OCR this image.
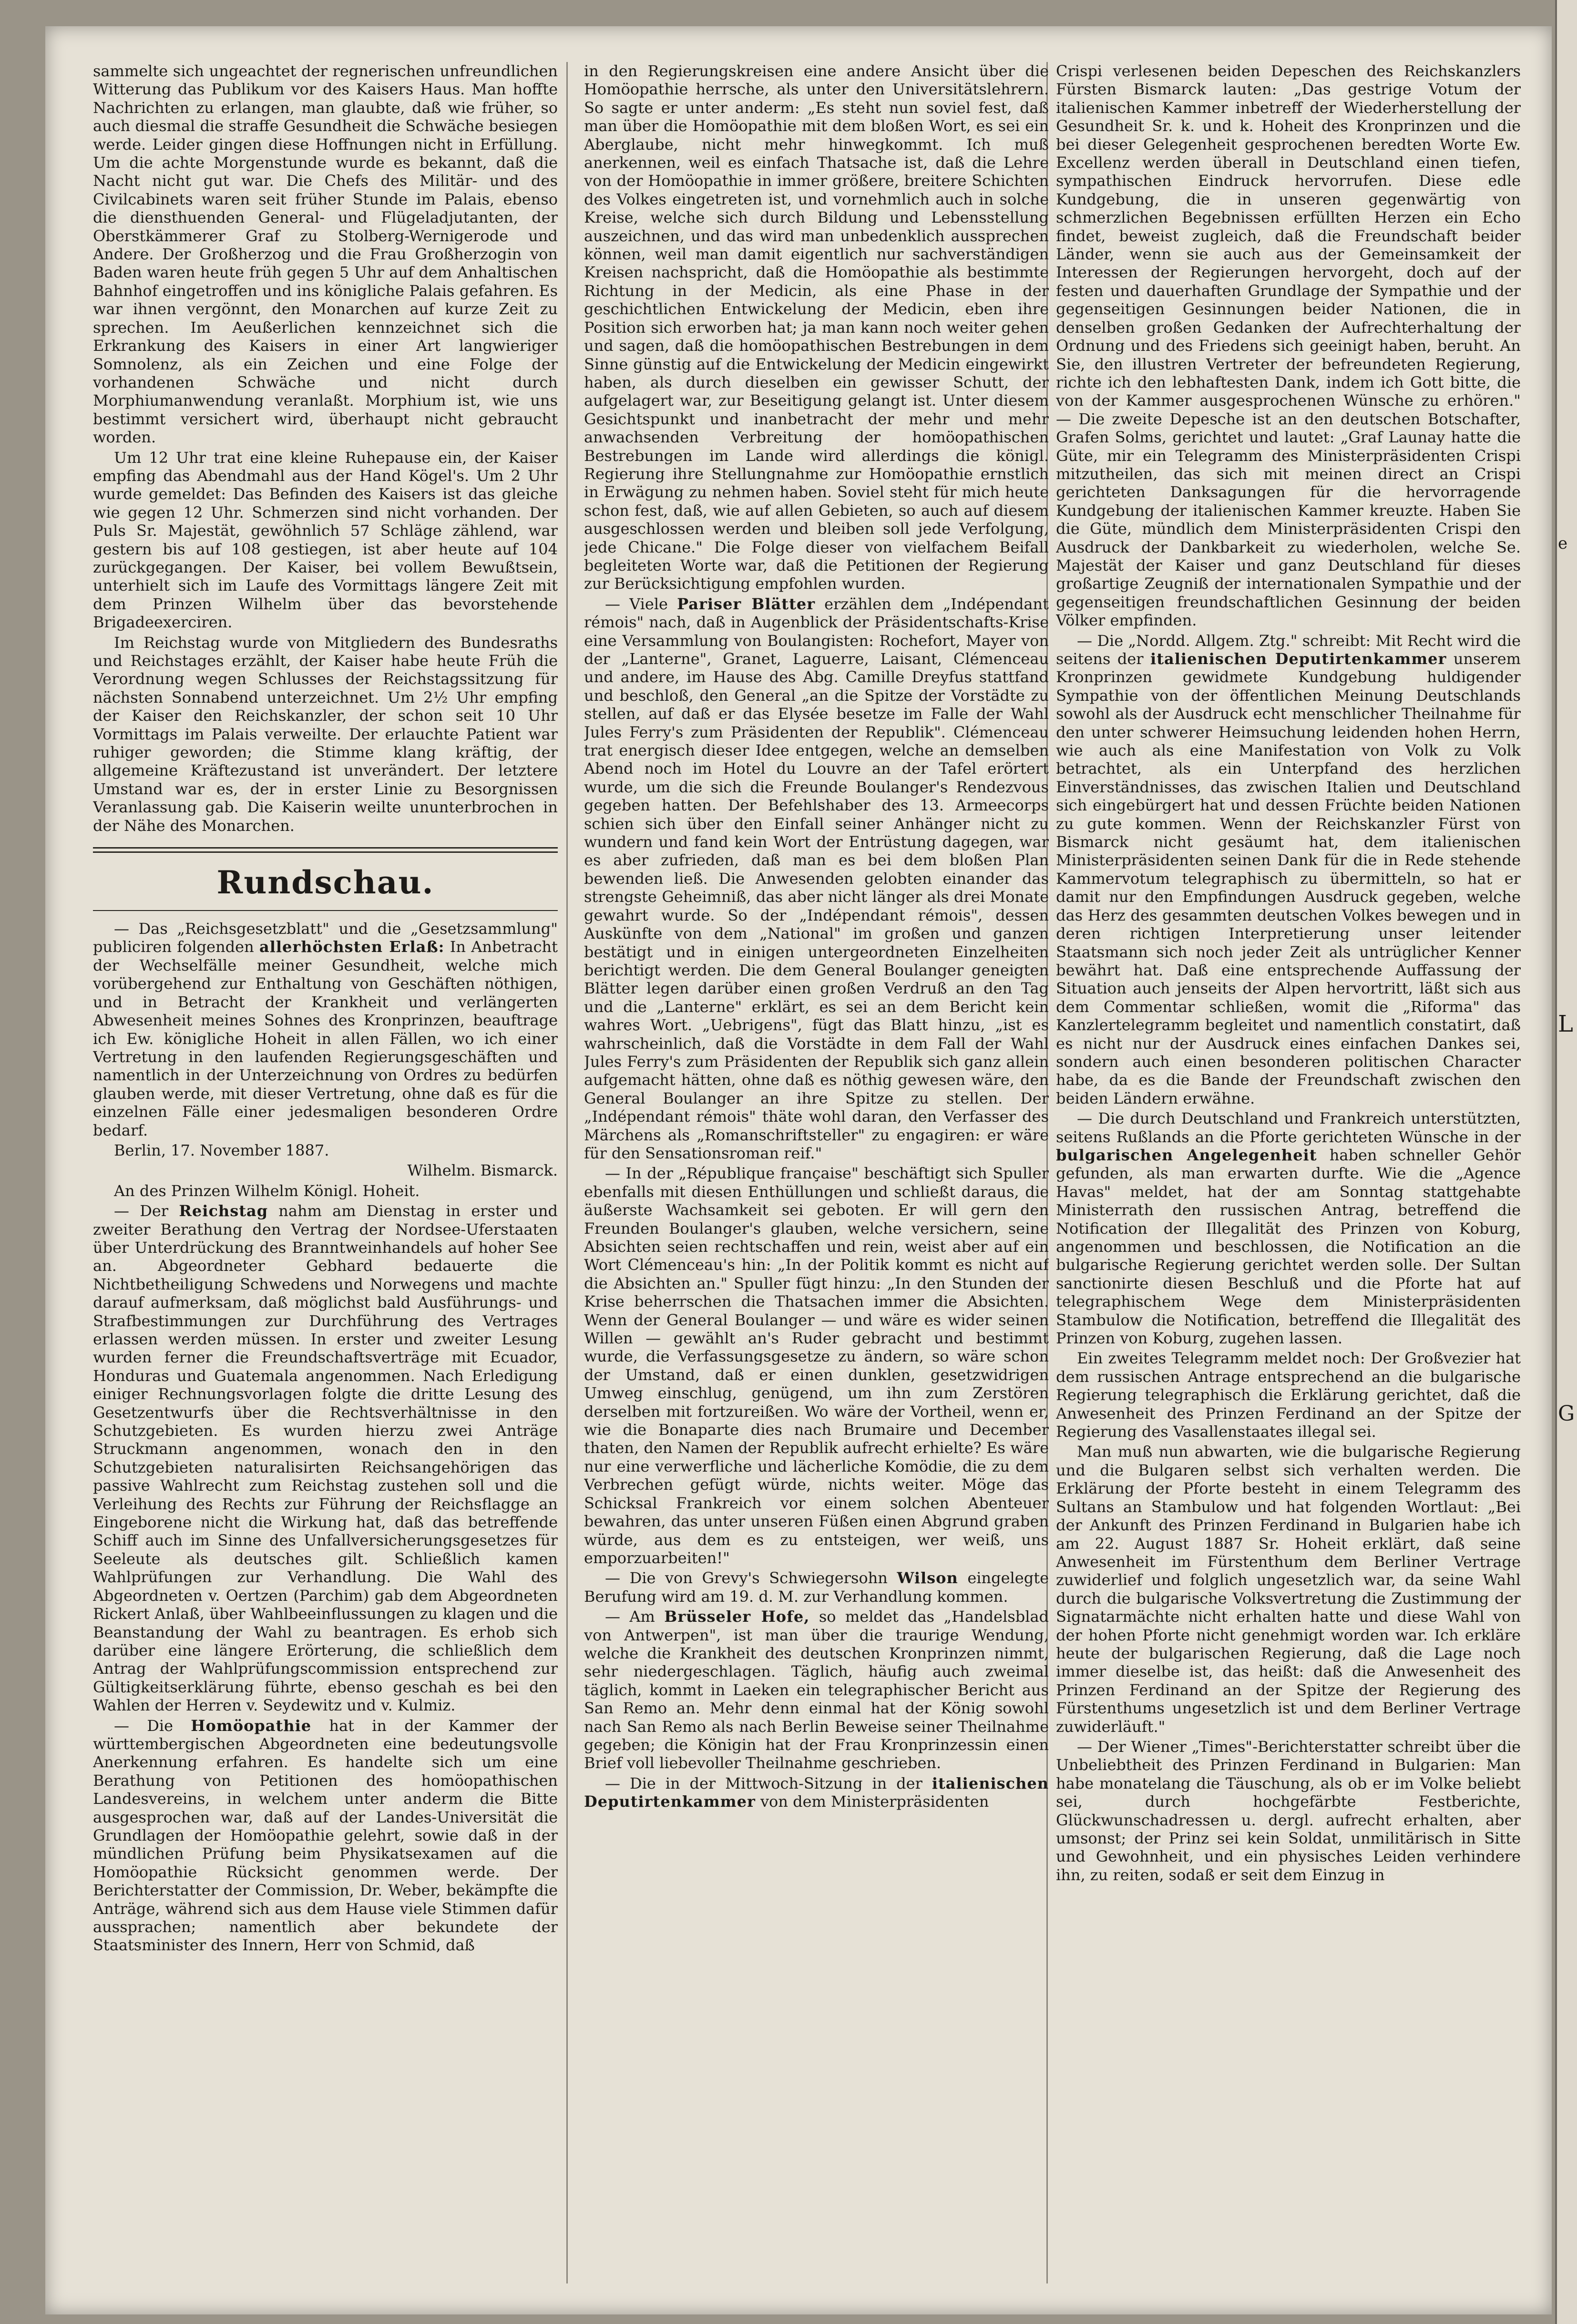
e
L
G

sammelte sich ungeachtet der regnerischen unfreundlichen Witterung das Publikum vor des Kaisers Haus. Man hoffte Nachrichten zu erlangen, man glaubte, daß wie früher, so auch diesmal die straffe Gesundheit die Schwäche besiegen werde. Leider gingen diese Hoffnungen nicht in Erfüllung. Um die achte Morgenstunde wurde es bekannt, daß die Nacht nicht gut war. Die Chefs des Militär- und des Civilcabinets waren seit früher Stunde im Palais, ebenso die diensthuenden General- und Flügeladjutanten, der Oberstkämmerer Graf zu Stolberg-Wernigerode und Andere. Der Großherzog und die Frau Großherzogin von Baden waren heute früh gegen 5 Uhr auf dem Anhaltischen Bahnhof eingetroffen und ins königliche Palais gefahren. Es war ihnen vergönnt, den Monarchen auf kurze Zeit zu sprechen. Im Aeußerlichen kennzeichnet sich die Erkrankung des Kaisers in einer Art langwieriger Somnolenz, als ein Zeichen und eine Folge der vorhandenen Schwäche und nicht durch Morphiumanwendung veranlaßt. Morphium ist, wie uns bestimmt versichert wird, überhaupt nicht gebraucht worden.

Um 12 Uhr trat eine kleine Ruhepause ein, der Kaiser empfing das Abendmahl aus der Hand Kögel's. Um 2 Uhr wurde gemeldet: Das Befinden des Kaisers ist das gleiche wie gegen 12 Uhr. Schmerzen sind nicht vorhanden. Der Puls Sr. Majestät, gewöhnlich 57 Schläge zählend, war gestern bis auf 108 gestiegen, ist aber heute auf 104 zurückgegangen. Der Kaiser, bei vollem Bewußtsein, unterhielt sich im Laufe des Vormittags längere Zeit mit dem Prinzen Wilhelm über das bevorstehende Brigadeexerciren.

Im Reichstag wurde von Mitgliedern des Bundesraths und Reichstages erzählt, der Kaiser habe heute Früh die Verordnung wegen Schlusses der Reichstagssitzung für nächsten Sonnabend unterzeichnet. Um 2½ Uhr empfing der Kaiser den Reichskanzler, der schon seit 10 Uhr Vormittags im Palais verweilte. Der erlauchte Patient war ruhiger geworden; die Stimme klang kräftig, der allgemeine Kräftezustand ist unverändert. Der letztere Umstand war es, der in erster Linie zu Besorgnissen Veranlassung gab. Die Kaiserin weilte ununterbrochen in der Nähe des Monarchen.

Rundschau.

— Das „Reichsgesetzblatt" und die „Gesetzsammlung" publiciren folgenden allerhöchsten Erlaß: In Anbetracht der Wechselfälle meiner Gesundheit, welche mich vorübergehend zur Enthaltung von Geschäften nöthigen, und in Betracht der Krankheit und verlängerten Abwesenheit meines Sohnes des Kronprinzen, beauftrage ich Ew. königliche Hoheit in allen Fällen, wo ich einer Vertretung in den laufenden Regierungsgeschäften und namentlich in der Unterzeichnung von Ordres zu bedürfen glauben werde, mit dieser Vertretung, ohne daß es für die einzelnen Fälle einer jedesmaligen besonderen Ordre bedarf.

Berlin, 17. November 1887.

Wilhelm. Bismarck.

An des Prinzen Wilhelm Königl. Hoheit.

— Der Reichstag nahm am Dienstag in erster und zweiter Berathung den Vertrag der Nordsee-Uferstaaten über Unterdrückung des Branntweinhandels auf hoher See an. Abgeordneter Gebhard bedauerte die Nichtbetheiligung Schwedens und Norwegens und machte darauf aufmerksam, daß möglichst bald Ausführungs- und Strafbestimmungen zur Durchführung des Vertrages erlassen werden müssen. In erster und zweiter Lesung wurden ferner die Freundschaftsverträge mit Ecuador, Honduras und Guatemala angenommen. Nach Erledigung einiger Rechnungsvorlagen folgte die dritte Lesung des Gesetzentwurfs über die Rechtsverhältnisse in den Schutzgebieten. Es wurden hierzu zwei Anträge Struckmann angenommen, wonach den in den Schutzgebieten naturalisirten Reichsangehörigen das passive Wahlrecht zum Reichstag zustehen soll und die Verleihung des Rechts zur Führung der Reichsflagge an Eingeborene nicht die Wirkung hat, daß das betreffende Schiff auch im Sinne des Unfallversicherungsgesetzes für Seeleute als deutsches gilt. Schließlich kamen Wahlprüfungen zur Verhandlung. Die Wahl des Abgeordneten v. Oertzen (Parchim) gab dem Abgeordneten Rickert Anlaß, über Wahlbeeinflussungen zu klagen und die Beanstandung der Wahl zu beantragen. Es erhob sich darüber eine längere Erörterung, die schließlich dem Antrag der Wahlprüfungscommission entsprechend zur Gültigkeitserklärung führte, ebenso geschah es bei den Wahlen der Herren v. Seydewitz und v. Kulmiz.

— Die Homöopathie hat in der Kammer der württembergischen Abgeordneten eine bedeutungsvolle Anerkennung erfahren. Es handelte sich um eine Berathung von Petitionen des homöopathischen Landesvereins, in welchem unter anderm die Bitte ausgesprochen war, daß auf der Landes-Universität die Grundlagen der Homöopathie gelehrt, sowie daß in der mündlichen Prüfung beim Physikatsexamen auf die Homöopathie Rücksicht genommen werde. Der Berichterstatter der Commission, Dr. Weber, bekämpfte die Anträge, während sich aus dem Hause viele Stimmen dafür aussprachen; namentlich aber bekundete der Staatsminister des Innern, Herr von Schmid, daß

in den Regierungskreisen eine andere Ansicht über die Homöopathie herrsche, als unter den Universitätslehrern. So sagte er unter anderm: „Es steht nun soviel fest, daß man über die Homöopathie mit dem bloßen Wort, es sei ein Aberglaube, nicht mehr hinwegkommt. Ich muß anerkennen, weil es einfach Thatsache ist, daß die Lehre von der Homöopathie in immer größere, breitere Schichten des Volkes eingetreten ist, und vornehmlich auch in solche Kreise, welche sich durch Bildung und Lebensstellung auszeichnen, und das wird man unbedenklich aussprechen können, weil man damit eigentlich nur sachverständigen Kreisen nachspricht, daß die Homöopathie als bestimmte Richtung in der Medicin, als eine Phase in der geschichtlichen Entwickelung der Medicin, eben ihre Position sich erworben hat; ja man kann noch weiter gehen und sagen, daß die homöopathischen Bestrebungen in dem Sinne günstig auf die Entwickelung der Medicin eingewirkt haben, als durch dieselben ein gewisser Schutt, der aufgelagert war, zur Beseitigung gelangt ist. Unter diesem Gesichtspunkt und inanbetracht der mehr und mehr anwachsenden Verbreitung der homöopathischen Bestrebungen im Lande wird allerdings die königl. Regierung ihre Stellungnahme zur Homöopathie ernstlich in Erwägung zu nehmen haben. Soviel steht für mich heute schon fest, daß, wie auf allen Gebieten, so auch auf diesem ausgeschlossen werden und bleiben soll jede Verfolgung, jede Chicane." Die Folge dieser von vielfachem Beifall begleiteten Worte war, daß die Petitionen der Regierung zur Berücksichtigung empfohlen wurden.

— Viele Pariser Blätter erzählen dem „Indépendant rémois" nach, daß in Augenblick der Präsidentschafts-Krise eine Versammlung von Boulangisten: Rochefort, Mayer von der „Lanterne", Granet, Laguerre, Laisant, Clémenceau und andere, im Hause des Abg. Camille Dreyfus stattfand und beschloß, den General „an die Spitze der Vorstädte zu stellen, auf daß er das Elysée besetze im Falle der Wahl Jules Ferry's zum Präsidenten der Republik". Clémenceau trat energisch dieser Idee entgegen, welche an demselben Abend noch im Hotel du Louvre an der Tafel erörtert wurde, um die sich die Freunde Boulanger's Rendezvous gegeben hatten. Der Befehlshaber des 13. Armeecorps schien sich über den Einfall seiner Anhänger nicht zu wundern und fand kein Wort der Entrüstung dagegen, war es aber zufrieden, daß man es bei dem bloßen Plan bewenden ließ. Die Anwesenden gelobten einander das strengste Geheimniß, das aber nicht länger als drei Monate gewahrt wurde. So der „Indépendant rémois", dessen Auskünfte von dem „National" im großen und ganzen bestätigt und in einigen untergeordneten Einzelheiten berichtigt werden. Die dem General Boulanger geneigten Blätter legen darüber einen großen Verdruß an den Tag und die „Lanterne" erklärt, es sei an dem Bericht kein wahres Wort. „Uebrigens", fügt das Blatt hinzu, „ist es wahrscheinlich, daß die Vorstädte in dem Fall der Wahl Jules Ferry's zum Präsidenten der Republik sich ganz allein aufgemacht hätten, ohne daß es nöthig gewesen wäre, den General Boulanger an ihre Spitze zu stellen. Der „Indépendant rémois" thäte wohl daran, den Verfasser des Märchens als „Romanschriftsteller" zu engagiren: er wäre für den Sensationsroman reif."

— In der „République française" beschäftigt sich Spuller ebenfalls mit diesen Enthüllungen und schließt daraus, die äußerste Wachsamkeit sei geboten. Er will gern den Freunden Boulanger's glauben, welche versichern, seine Absichten seien rechtschaffen und rein, weist aber auf ein Wort Clémenceau's hin: „In der Politik kommt es nicht auf die Absichten an." Spuller fügt hinzu: „In den Stunden der Krise beherrschen die Thatsachen immer die Absichten. Wenn der General Boulanger — und wäre es wider seinen Willen — gewählt an's Ruder gebracht und bestimmt wurde, die Verfassungsgesetze zu ändern, so wäre schon der Umstand, daß er einen dunklen, gesetzwidrigen Umweg einschlug, genügend, um ihn zum Zerstören derselben mit fortzureißen. Wo wäre der Vortheil, wenn er, wie die Bonaparte dies nach Brumaire und December thaten, den Namen der Republik aufrecht erhielte? Es wäre nur eine verwerfliche und lächerliche Komödie, die zu dem Verbrechen gefügt würde, nichts weiter. Möge das Schicksal Frankreich vor einem solchen Abenteuer bewahren, das unter unseren Füßen einen Abgrund graben würde, aus dem es zu entsteigen, wer weiß, uns emporzuarbeiten!"

— Die von Grevy's Schwiegersohn Wilson eingelegte Berufung wird am 19. d. M. zur Verhandlung kommen.

— Am Brüsseler Hofe, so meldet das „Handelsblad von Antwerpen", ist man über die traurige Wendung, welche die Krankheit des deutschen Kronprinzen nimmt, sehr niedergeschlagen. Täglich, häufig auch zweimal täglich, kommt in Laeken ein telegraphischer Bericht aus San Remo an. Mehr denn einmal hat der König sowohl nach San Remo als nach Berlin Beweise seiner Theilnahme gegeben; die Königin hat der Frau Kronprinzessin einen Brief voll liebevoller Theilnahme geschrieben.

— Die in der Mittwoch-Sitzung in der italienischen Deputirtenkammer von dem Ministerpräsidenten

Crispi verlesenen beiden Depeschen des Reichskanzlers Fürsten Bismarck lauten: „Das gestrige Votum der italienischen Kammer inbetreff der Wiederherstellung der Gesundheit Sr. k. und k. Hoheit des Kronprinzen und die bei dieser Gelegenheit gesprochenen beredten Worte Ew. Excellenz werden überall in Deutschland einen tiefen, sympathischen Eindruck hervorrufen. Diese edle Kundgebung, die in unseren gegenwärtig von schmerzlichen Begebnissen erfüllten Herzen ein Echo findet, beweist zugleich, daß die Freundschaft beider Länder, wenn sie auch aus der Gemeinsamkeit der Interessen der Regierungen hervorgeht, doch auf der festen und dauerhaften Grundlage der Sympathie und der gegenseitigen Gesinnungen beider Nationen, die in denselben großen Gedanken der Aufrechterhaltung der Ordnung und des Friedens sich geeinigt haben, beruht. An Sie, den illustren Vertreter der befreundeten Regierung, richte ich den lebhaftesten Dank, indem ich Gott bitte, die von der Kammer ausgesprochenen Wünsche zu erhören." — Die zweite Depesche ist an den deutschen Botschafter, Grafen Solms, gerichtet und lautet: „Graf Launay hatte die Güte, mir ein Telegramm des Ministerpräsidenten Crispi mitzutheilen, das sich mit meinen direct an Crispi gerichteten Danksagungen für die hervorragende Kundgebung der italienischen Kammer kreuzte. Haben Sie die Güte, mündlich dem Ministerpräsidenten Crispi den Ausdruck der Dankbarkeit zu wiederholen, welche Se. Majestät der Kaiser und ganz Deutschland für dieses großartige Zeugniß der internationalen Sympathie und der gegenseitigen freundschaftlichen Gesinnung der beiden Völker empfinden.

— Die „Nordd. Allgem. Ztg." schreibt: Mit Recht wird die seitens der italienischen Deputirtenkammer unserem Kronprinzen gewidmete Kundgebung huldigender Sympathie von der öffentlichen Meinung Deutschlands sowohl als der Ausdruck echt menschlicher Theilnahme für den unter schwerer Heimsuchung leidenden hohen Herrn, wie auch als eine Manifestation von Volk zu Volk betrachtet, als ein Unterpfand des herzlichen Einverständnisses, das zwischen Italien und Deutschland sich eingebürgert hat und dessen Früchte beiden Nationen zu gute kommen. Wenn der Reichskanzler Fürst von Bismarck nicht gesäumt hat, dem italienischen Ministerpräsidenten seinen Dank für die in Rede stehende Kammervotum telegraphisch zu übermitteln, so hat er damit nur den Empfindungen Ausdruck gegeben, welche das Herz des gesammten deutschen Volkes bewegen und in deren richtigen Interpretierung unser leitender Staatsmann sich noch jeder Zeit als untrüglicher Kenner bewährt hat. Daß eine entsprechende Auffassung der Situation auch jenseits der Alpen hervortritt, läßt sich aus dem Commentar schließen, womit die „Riforma" das Kanzlertelegramm begleitet und namentlich constatirt, daß es nicht nur der Ausdruck eines einfachen Dankes sei, sondern auch einen besonderen politischen Character habe, da es die Bande der Freundschaft zwischen den beiden Ländern erwähne.

— Die durch Deutschland und Frankreich unterstützten, seitens Rußlands an die Pforte gerichteten Wünsche in der bulgarischen Angelegenheit haben schneller Gehör gefunden, als man erwarten durfte. Wie die „Agence Havas" meldet, hat der am Sonntag stattgehabte Ministerrath den russischen Antrag, betreffend die Notification der Illegalität des Prinzen von Koburg, angenommen und beschlossen, die Notification an die bulgarische Regierung gerichtet werden solle. Der Sultan sanctionirte diesen Beschluß und die Pforte hat auf telegraphischem Wege dem Ministerpräsidenten Stambulow die Notification, betreffend die Illegalität des Prinzen von Koburg, zugehen lassen.

Ein zweites Telegramm meldet noch: Der Großvezier hat dem russischen Antrage entsprechend an die bulgarische Regierung telegraphisch die Erklärung gerichtet, daß die Anwesenheit des Prinzen Ferdinand an der Spitze der Regierung des Vasallenstaates illegal sei.

Man muß nun abwarten, wie die bulgarische Regierung und die Bulgaren selbst sich verhalten werden. Die Erklärung der Pforte besteht in einem Telegramm des Sultans an Stambulow und hat folgenden Wortlaut: „Bei der Ankunft des Prinzen Ferdinand in Bulgarien habe ich am 22. August 1887 Sr. Hoheit erklärt, daß seine Anwesenheit im Fürstenthum dem Berliner Vertrage zuwiderlief und folglich ungesetzlich war, da seine Wahl durch die bulgarische Volksvertretung die Zustimmung der Signatarmächte nicht erhalten hatte und diese Wahl von der hohen Pforte nicht genehmigt worden war. Ich erkläre heute der bulgarischen Regierung, daß die Lage noch immer dieselbe ist, das heißt: daß die Anwesenheit des Prinzen Ferdinand an der Spitze der Regierung des Fürstenthums ungesetzlich ist und dem Berliner Vertrage zuwiderläuft."

— Der Wiener „Times"-Berichterstatter schreibt über die Unbeliebtheit des Prinzen Ferdinand in Bulgarien: Man habe monatelang die Täuschung, als ob er im Volke beliebt sei, durch hochgefärbte Festberichte, Glückwunschadressen u. dergl. aufrecht erhalten, aber umsonst; der Prinz sei kein Soldat, unmilitärisch in Sitte und Gewohnheit, und ein physisches Leiden verhindere ihn, zu reiten, sodaß er seit dem Einzug in
